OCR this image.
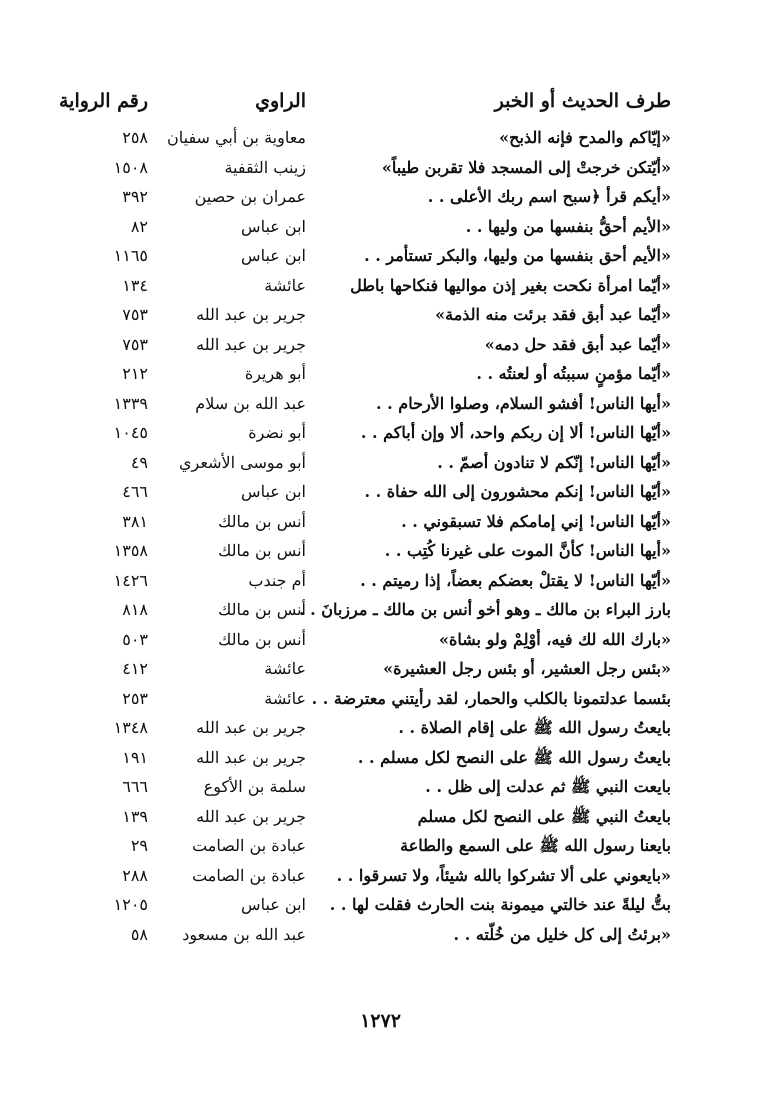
طرف الحديث أو الخبر
الراوي
رقم الرواية
«إيّاكم والمدح فإنه الذبح»
معاوية بن أبي سفيان
٢٥٨
«أيّتكن خرجتْ إلى المسجد فلا تقربن طيباً»
زينب الثقفية
١٥٠٨
«أيكم قرأ ﴿سبح اسم ربك الأعلى . .
عمران بن حصين
٣٩٢
«الأيم أحقُّ بنفسها من وليها . .
ابن عباس
٨٢
«الأيم أحق بنفسها من وليها، والبكر تستأمر . .
ابن عباس
١١٦٥
«أيّما امرأة نكحت بغير إذن مواليها فنكاحها باطل
عائشة
١٣٤
«أيّما عبد أبق فقد برئت منه الذمة»
جرير بن عبد الله
٧٥٣
«أيّما عبد أبق فقد حل دمه»
جرير بن عبد الله
٧٥٣
«أيّما مؤمنٍ سببتُه أو لعنتُه . .
أبو هريرة
٢١٢
«أيها الناس! أفشو السلام، وصلوا الأرحام . .
عبد الله بن سلام
١٣٣٩
«أيّها الناس! ألا إن ربكم واحد، ألا وإن أباكم . .
أبو نضرة
١٠٤٥
«أيّها الناس! إنّكم لا تنادون أصمّ . .
أبو موسى الأشعري
٤٩
«أيّها الناس! إنكم محشورون إلى الله حفاة . .
ابن عباس
٤٦٦
«أيّها الناس! إني إمامكم فلا تسبقوني . .
أنس بن مالك
٣٨١
«أيها الناس! كأنَّ الموت على غيرنا كُتِب . .
أنس بن مالك
١٣٥٨
«أيّها الناس! لا يقتلْ بعضكم بعضاً، إذا رميتم . .
أم جندب
١٤٢٦
بارز البراء بن مالك ـ وهو أخو أنس بن مالك ـ مرزبانَ . .
أنس بن مالك
٨١٨
«بارك الله لك فيه، أوْلِمْ ولو بشاة»
أنس بن مالك
٥٠٣
«بئس رجل العشير، أو بئس رجل العشيرة»
عائشة
٤١٢
بئسما عدلتمونا بالكلب والحمار، لقد رأيتني معترضة . .
عائشة
٢٥٣
بايعتُ رسول الله ﷺ على إقام الصلاة . .
جرير بن عبد الله
١٣٤٨
بايعتُ رسول الله ﷺ على النصح لكل مسلم . .
جرير بن عبد الله
١٩١
بايعت النبي ﷺ ثم عدلت إلى ظل . .
سلمة بن الأكوع
٦٦٦
بايعتُ النبي ﷺ على النصح لكل مسلم
جرير بن عبد الله
١٣٩
بايعنا رسول الله ﷺ على السمع والطاعة
عبادة بن الصامت
٢٩
«بايعوني على ألا تشركوا بالله شيئاً، ولا تسرقوا . .
عبادة بن الصامت
٢٨٨
بتُّ ليلةً عند خالتي ميمونة بنت الحارث فقلت لها . .
ابن عباس
١٢٠٥
«برئتُ إلى كل خليل من خُلّته . .
عبد الله بن مسعود
٥٨
١٢٧٢
